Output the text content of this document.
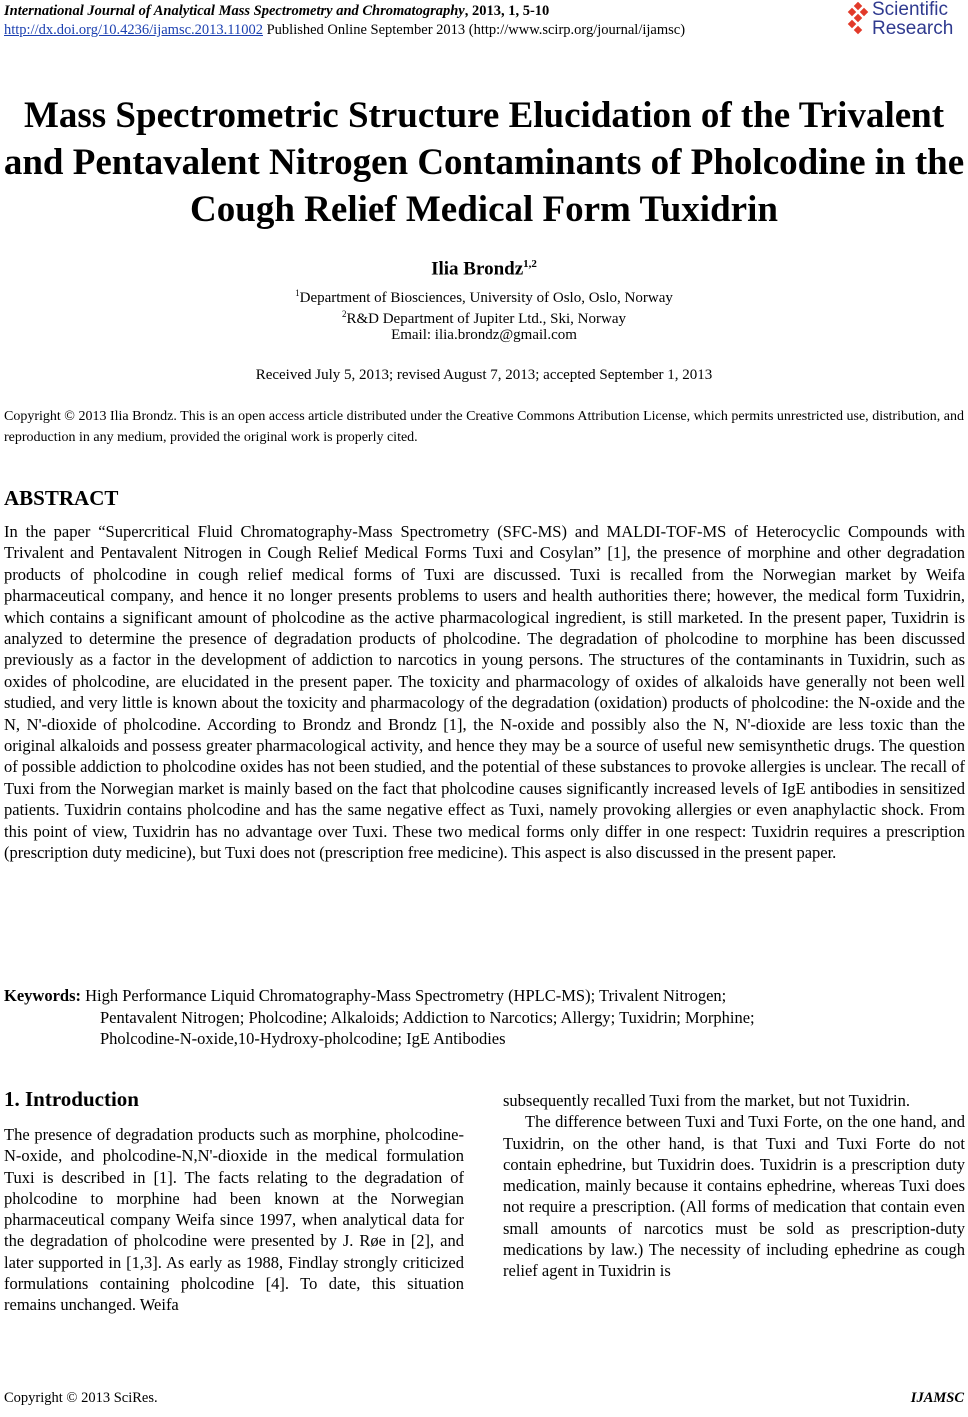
International Journal of Analytical Mass Spectrometry and Chromatography, 2013, 1, 5-10
http://dx.doi.org/10.4236/ijamsc.2013.11002 Published Online September 2013 (http://www.scirp.org/journal/ijamsc)
Scientific
Research
Mass Spectrometric Structure Elucidation of the Trivalent and Pentavalent Nitrogen Contaminants of Pholcodine in the Cough Relief Medical Form Tuxidrin
Ilia Brondz$^{1,2}$
$^1$Department of Biosciences, University of Oslo, Oslo, Norway
$^2$R&D Department of Jupiter Ltd., Ski, Norway
Email: ilia.brondz@gmail.com
Received July 5, 2013; revised August 7, 2013; accepted September 1, 2013
Copyright © 2013 Ilia Brondz. This is an open access article distributed under the Creative Commons Attribution License, which permits unrestricted use, distribution, and reproduction in any medium, provided the original work is properly cited.
ABSTRACT

In the paper “Supercritical Fluid Chromatography-Mass Spectrometry (SFC-MS) and MALDI-TOF-MS of Heterocyclic Compounds with Trivalent and Pentavalent Nitrogen in Cough Relief Medical Forms Tuxi and Cosylan” [1], the presence of morphine and other degradation products of pholcodine in cough relief medical forms of Tuxi are discussed. Tuxi is recalled from the Norwegian market by Weifa pharmaceutical company, and hence it no longer presents problems to users and health authorities there; however, the medical form Tuxidrin, which contains a significant amount of pholcodine as the active pharmacological ingredient, is still marketed. In the present paper, Tuxidrin is analyzed to determine the presence of degradation products of pholcodine. The degradation of pholcodine to morphine has been discussed previously as a factor in the development of addiction to narcotics in young persons. The structures of the contaminants in Tuxidrin, such as oxides of pholcodine, are elucidated in the present paper. The toxicity and pharmacology of oxides of alkaloids have generally not been well studied, and very little is known about the toxicity and pharmacology of the degradation (oxidation) products of pholcodine: the N-oxide and the N, N'-dioxide of pholcodine. According to Brondz and Brondz [1], the N-oxide and possibly also the N, N'-dioxide are less toxic than the original alkaloids and possess greater pharmacological activity, and hence they may be a source of useful new semisynthetic drugs. The question of possible addiction to pholcodine oxides has not been studied, and the potential of these substances to provoke allergies is unclear. The recall of Tuxi from the Norwegian market is mainly based on the fact that pholcodine causes significantly increased levels of IgE antibodies in sensitized patients. Tuxidrin contains pholcodine and has the same negative effect as Tuxi, namely provoking allergies or even anaphylactic shock. From this point of view, Tuxidrin has no advantage over Tuxi. These two medical forms only differ in one respect: Tuxidrin requires a prescription (prescription duty medicine), but Tuxi does not (prescription free medicine). This aspect is also discussed in the present paper.

Keywords: High Performance Liquid Chromatography-Mass Spectrometry (HPLC-MS); Trivalent Nitrogen;
Pentavalent Nitrogen; Pholcodine; Alkaloids; Addiction to Narcotics; Allergy; Tuxidrin; Morphine;
Pholcodine-N-oxide,10-Hydroxy-pholcodine; IgE Antibodies
1. Introduction

The presence of degradation products such as morphine, pholcodine-N-oxide, and pholcodine-N,N'-dioxide in the medical formulation Tuxi is described in [1]. The facts relating to the degradation of pholcodine to morphine had been known at the Norwegian pharmaceutical company Weifa since 1997, when analytical data for the degradation of pholcodine were presented by J. Røe in [2], and later supported in [1,3]. As early as 1988, Findlay strongly criticized formulations containing pholcodine [4]. To date, this situation remains unchanged. Weifa

subsequently recalled Tuxi from the market, but not Tuxidrin.

The difference between Tuxi and Tuxi Forte, on the one hand, and Tuxidrin, on the other hand, is that Tuxi and Tuxi Forte do not contain ephedrine, but Tuxidrin does. Tuxidrin is a prescription duty medication, mainly because it contains ephedrine, whereas Tuxi does not require a prescription. (All forms of medication that contain even small amounts of narcotics must be sold as prescription-duty medications by law.) The necessity of including ephedrine as cough relief agent in Tuxidrin is

Copyright © 2013 SciRes.	IJAMSC
